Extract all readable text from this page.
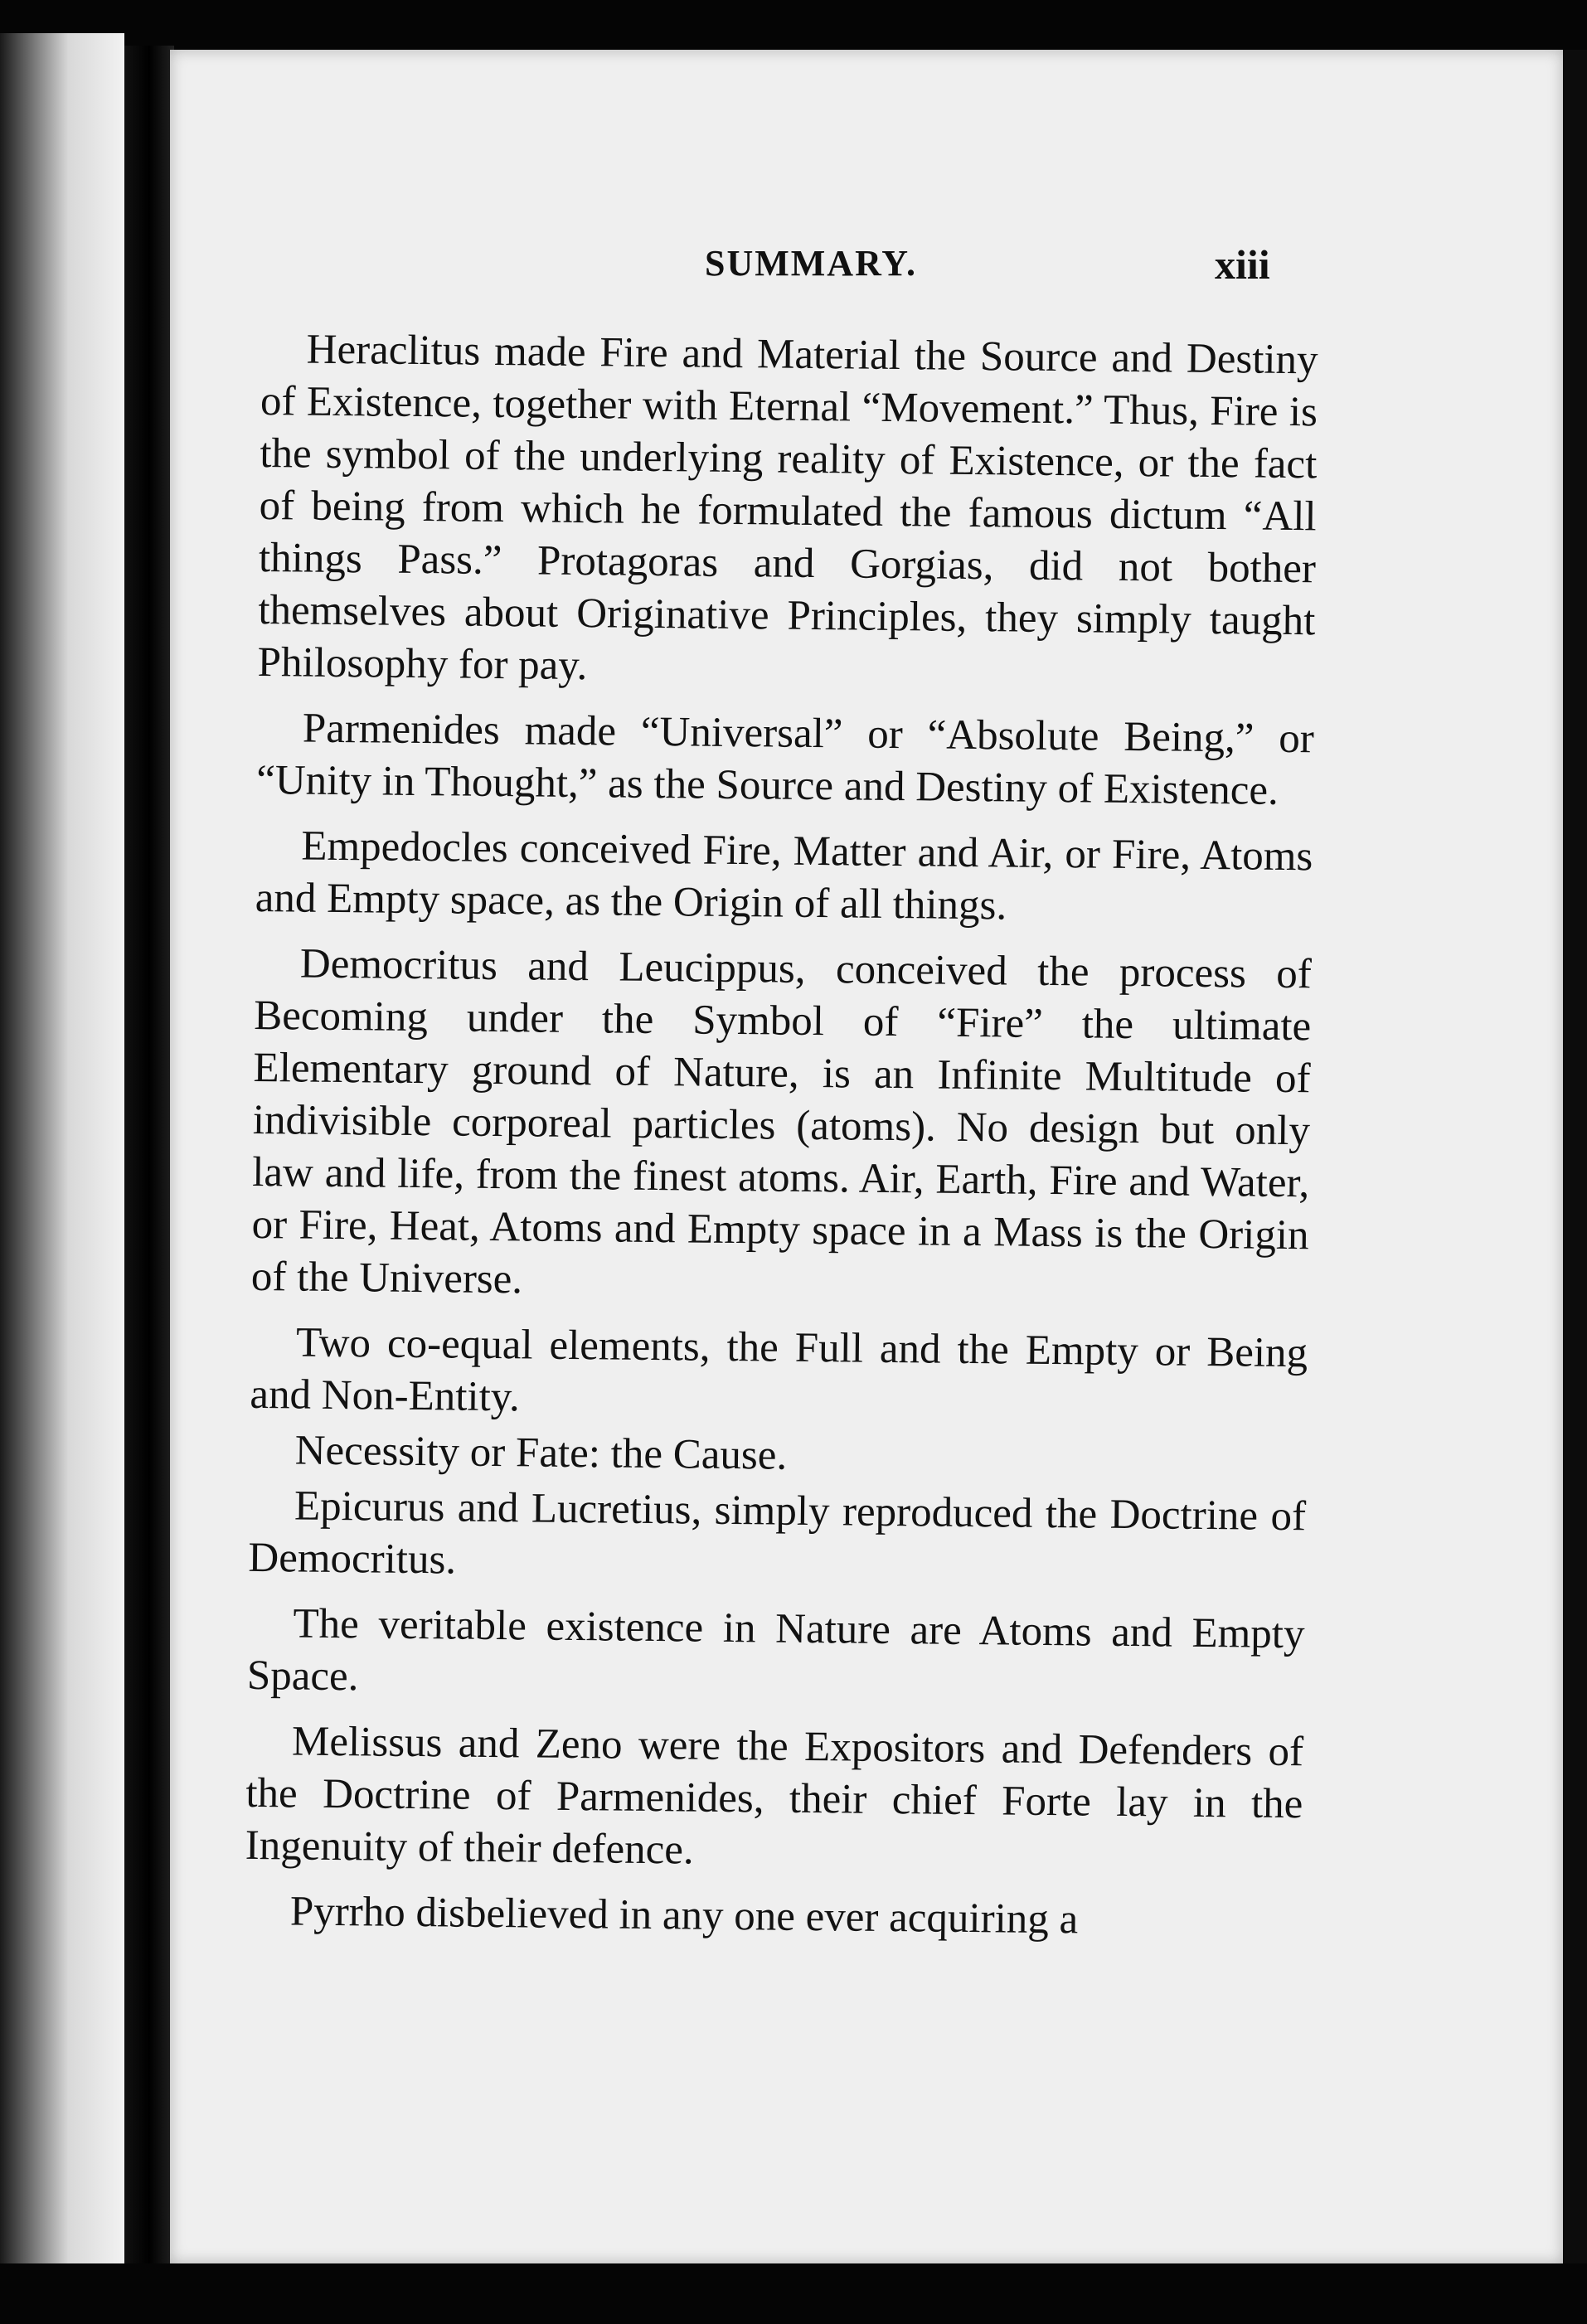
SUMMARY.	xiii

Heraclitus made Fire and Material the Source and Destiny of Existence, together with Eternal “Movement.” Thus, Fire is the symbol of the underlying reality of Existence, or the fact of being from which he formulated the famous dictum “All things Pass.” Protagoras and Gorgias, did not bother themselves about Originative Principles, they simply taught Philosophy for pay.

Parmenides made “Universal” or “Absolute Being,” or “Unity in Thought,” as the Source and Destiny of Existence.

Empedocles conceived Fire, Matter and Air, or Fire, Atoms and Empty space, as the Origin of all things.

Democritus and Leucippus, conceived the process of Becoming under the Symbol of “Fire” the ultimate Elementary ground of Nature, is an Infinite Multitude of indivisible corporeal particles (atoms). No design but only law and life, from the finest atoms. Air, Earth, Fire and Water, or Fire, Heat, Atoms and Empty space in a Mass is the Origin of the Universe.

Two co-equal elements, the Full and the Empty or Being and Non-Entity.

Necessity or Fate: the Cause.

Epicurus and Lucretius, simply reproduced the Doctrine of Democritus.

The veritable existence in Nature are Atoms and Empty Space.

Melissus and Zeno were the Expositors and Defenders of the Doctrine of Parmenides, their chief Forte lay in the Ingenuity of their defence.

Pyrrho disbelieved in any one ever acquiring a
